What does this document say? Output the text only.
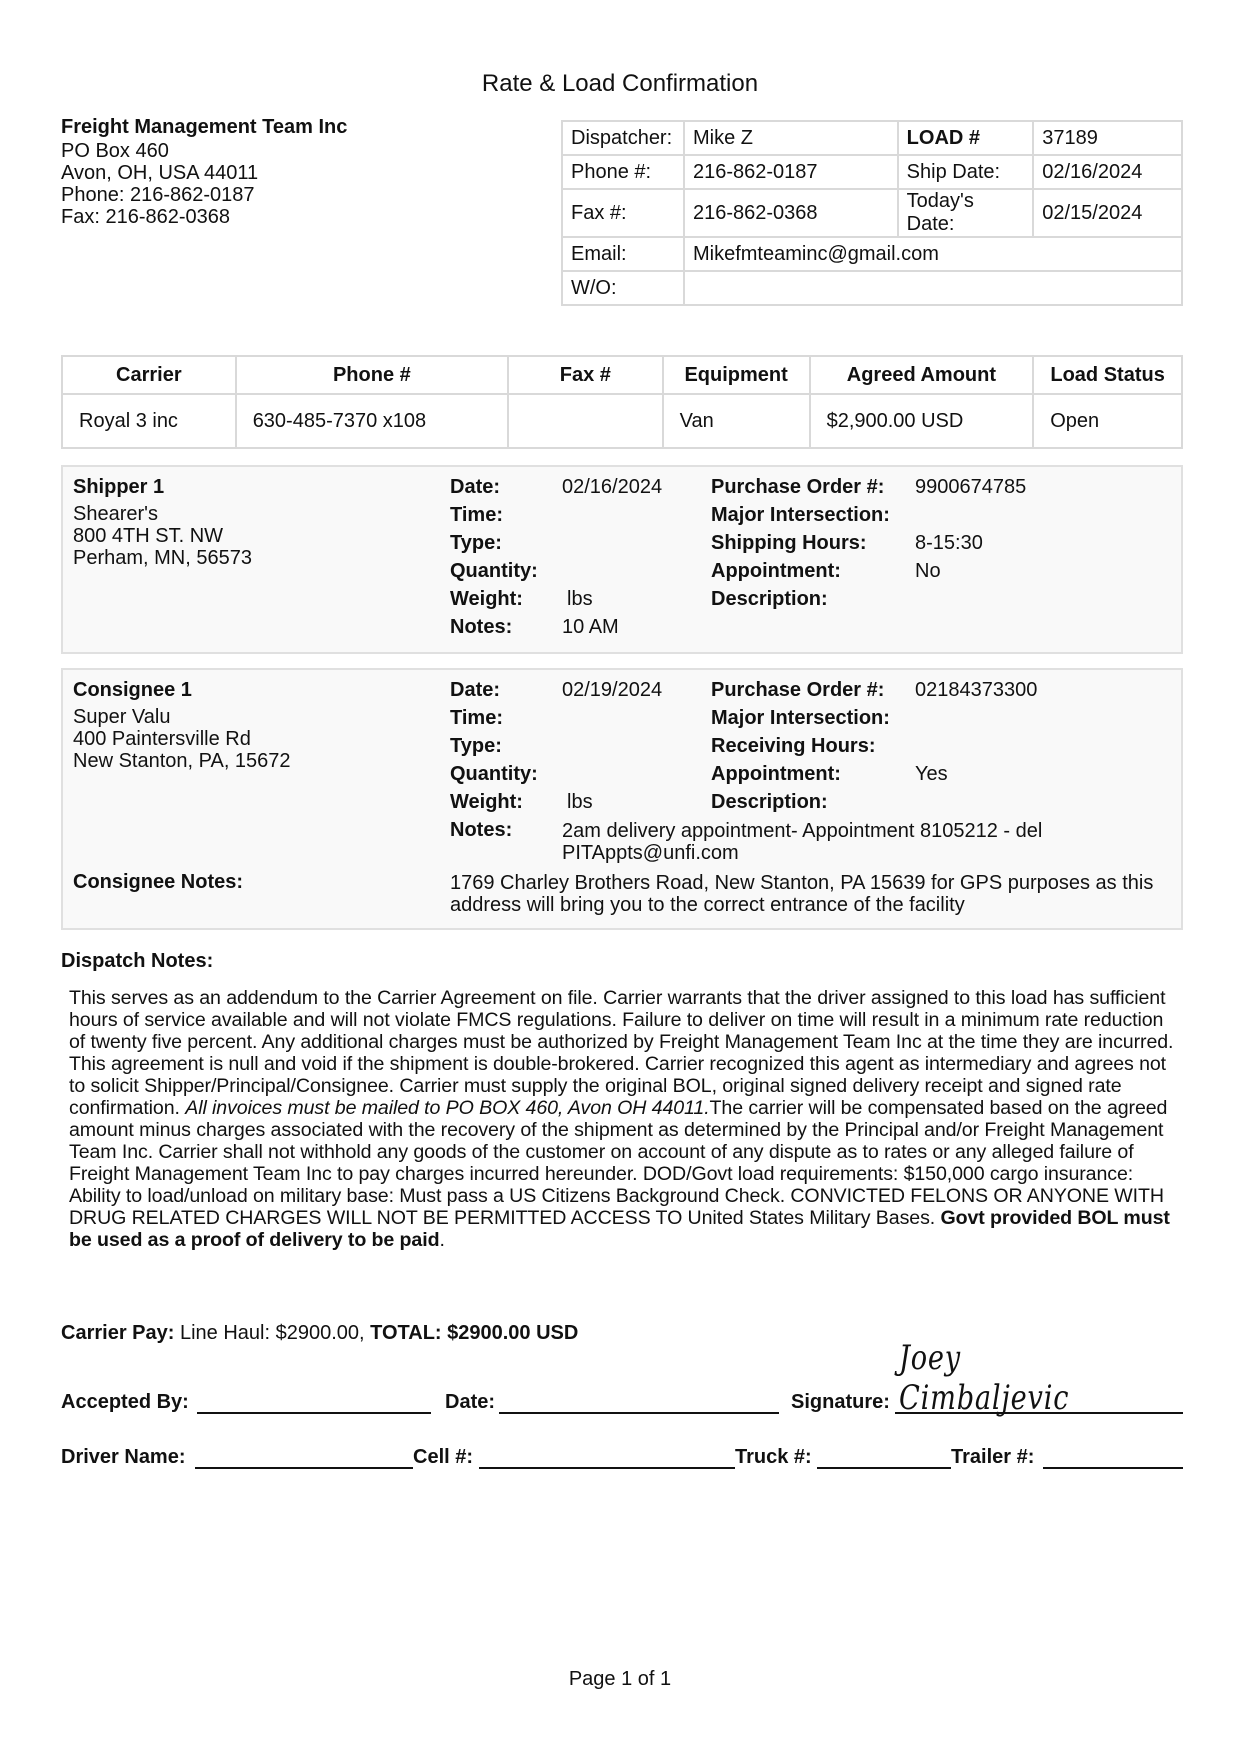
Rate & Load Confirmation
Freight Management Team Inc
PO Box 460
Avon, OH, USA 44011
Phone: 216-862-0187
Fax: 216-862-0368
Dispatcher:	Mike Z	LOAD #	37189
Phone #:	216-862-0187	Ship Date:	02/16/2024
Fax #:	216-862-0368	Today's Date:	02/15/2024
Email:	Mikefmteaminc@gmail.com		
W/O:			
Carrier	Phone #	Fax #	Equipment	Agreed Amount	Load Status
Royal 3 inc	630-485-7370 x108		Van	$2,900.00 USD	Open
Shipper 1
Shearer's
800 4TH ST. NW
Perham, MN, 56573
Date:	02/16/2024
Time:
Type:
Quantity:
Weight: lbs
Notes: 10 AM
Purchase Order #: 9900674785
Major Intersection:
Shipping Hours: 8-15:30
Appointment:	No
Description:
Consignee 1
Super Valu
400 Paintersville Rd
New Stanton, PA, 15672
Date:	02/19/2024
Time:
Type:
Quantity:
Weight: lbs
Notes: 2am delivery appointment- Appointment 8105212 - del
PITAppts@unfi.com
Purchase Order #: 02184373300
Major Intersection:
Receiving Hours:
Appointment:	Yes
Description:
Consignee Notes:	1769 Charley Brothers Road, New Stanton, PA 15639 for GPS purposes as this
address will bring you to the correct entrance of the facility
Dispatch Notes:
This serves as an addendum to the Carrier Agreement on file. Carrier warrants that the driver assigned to this load has sufficient hours of service available and will not violate FMCS regulations. Failure to deliver on time will result in a minimum rate reduction of twenty five percent. Any additional charges must be authorized by Freight Management Team Inc at the time they are incurred. This agreement is null and void if the shipment is double-brokered. Carrier recognized this agent as intermediary and agrees not to solicit Shipper/Principal/Consignee. Carrier must supply the original BOL, original signed delivery receipt and signed rate confirmation. All invoices must be mailed to PO BOX 460, Avon OH 44011.The carrier will be compensated based on the agreed amount minus charges associated with the recovery of the shipment as determined by the Principal and/or Freight Management Team Inc. Carrier shall not withhold any goods of the customer on account of any dispute as to rates or any alleged failure of Freight Management Team Inc to pay charges incurred hereunder. DOD/Govt load requirements: $150,000 cargo insurance: Ability to load/unload on military base: Must pass a US Citizens Background Check. CONVICTED FELONS OR ANYONE WITH DRUG RELATED CHARGES WILL NOT BE PERMITTED ACCESS TO United States Military Bases. Govt provided BOL must be used as a proof of delivery to be paid.
Carrier Pay: Line Haul: $2900.00, TOTAL: $2900.00 USD
Accepted By:	Date:	Signature:
Joey Cimbaljevic
Driver Name:	Cell #:	Truck #:	Trailer #:
Page 1 of 1
